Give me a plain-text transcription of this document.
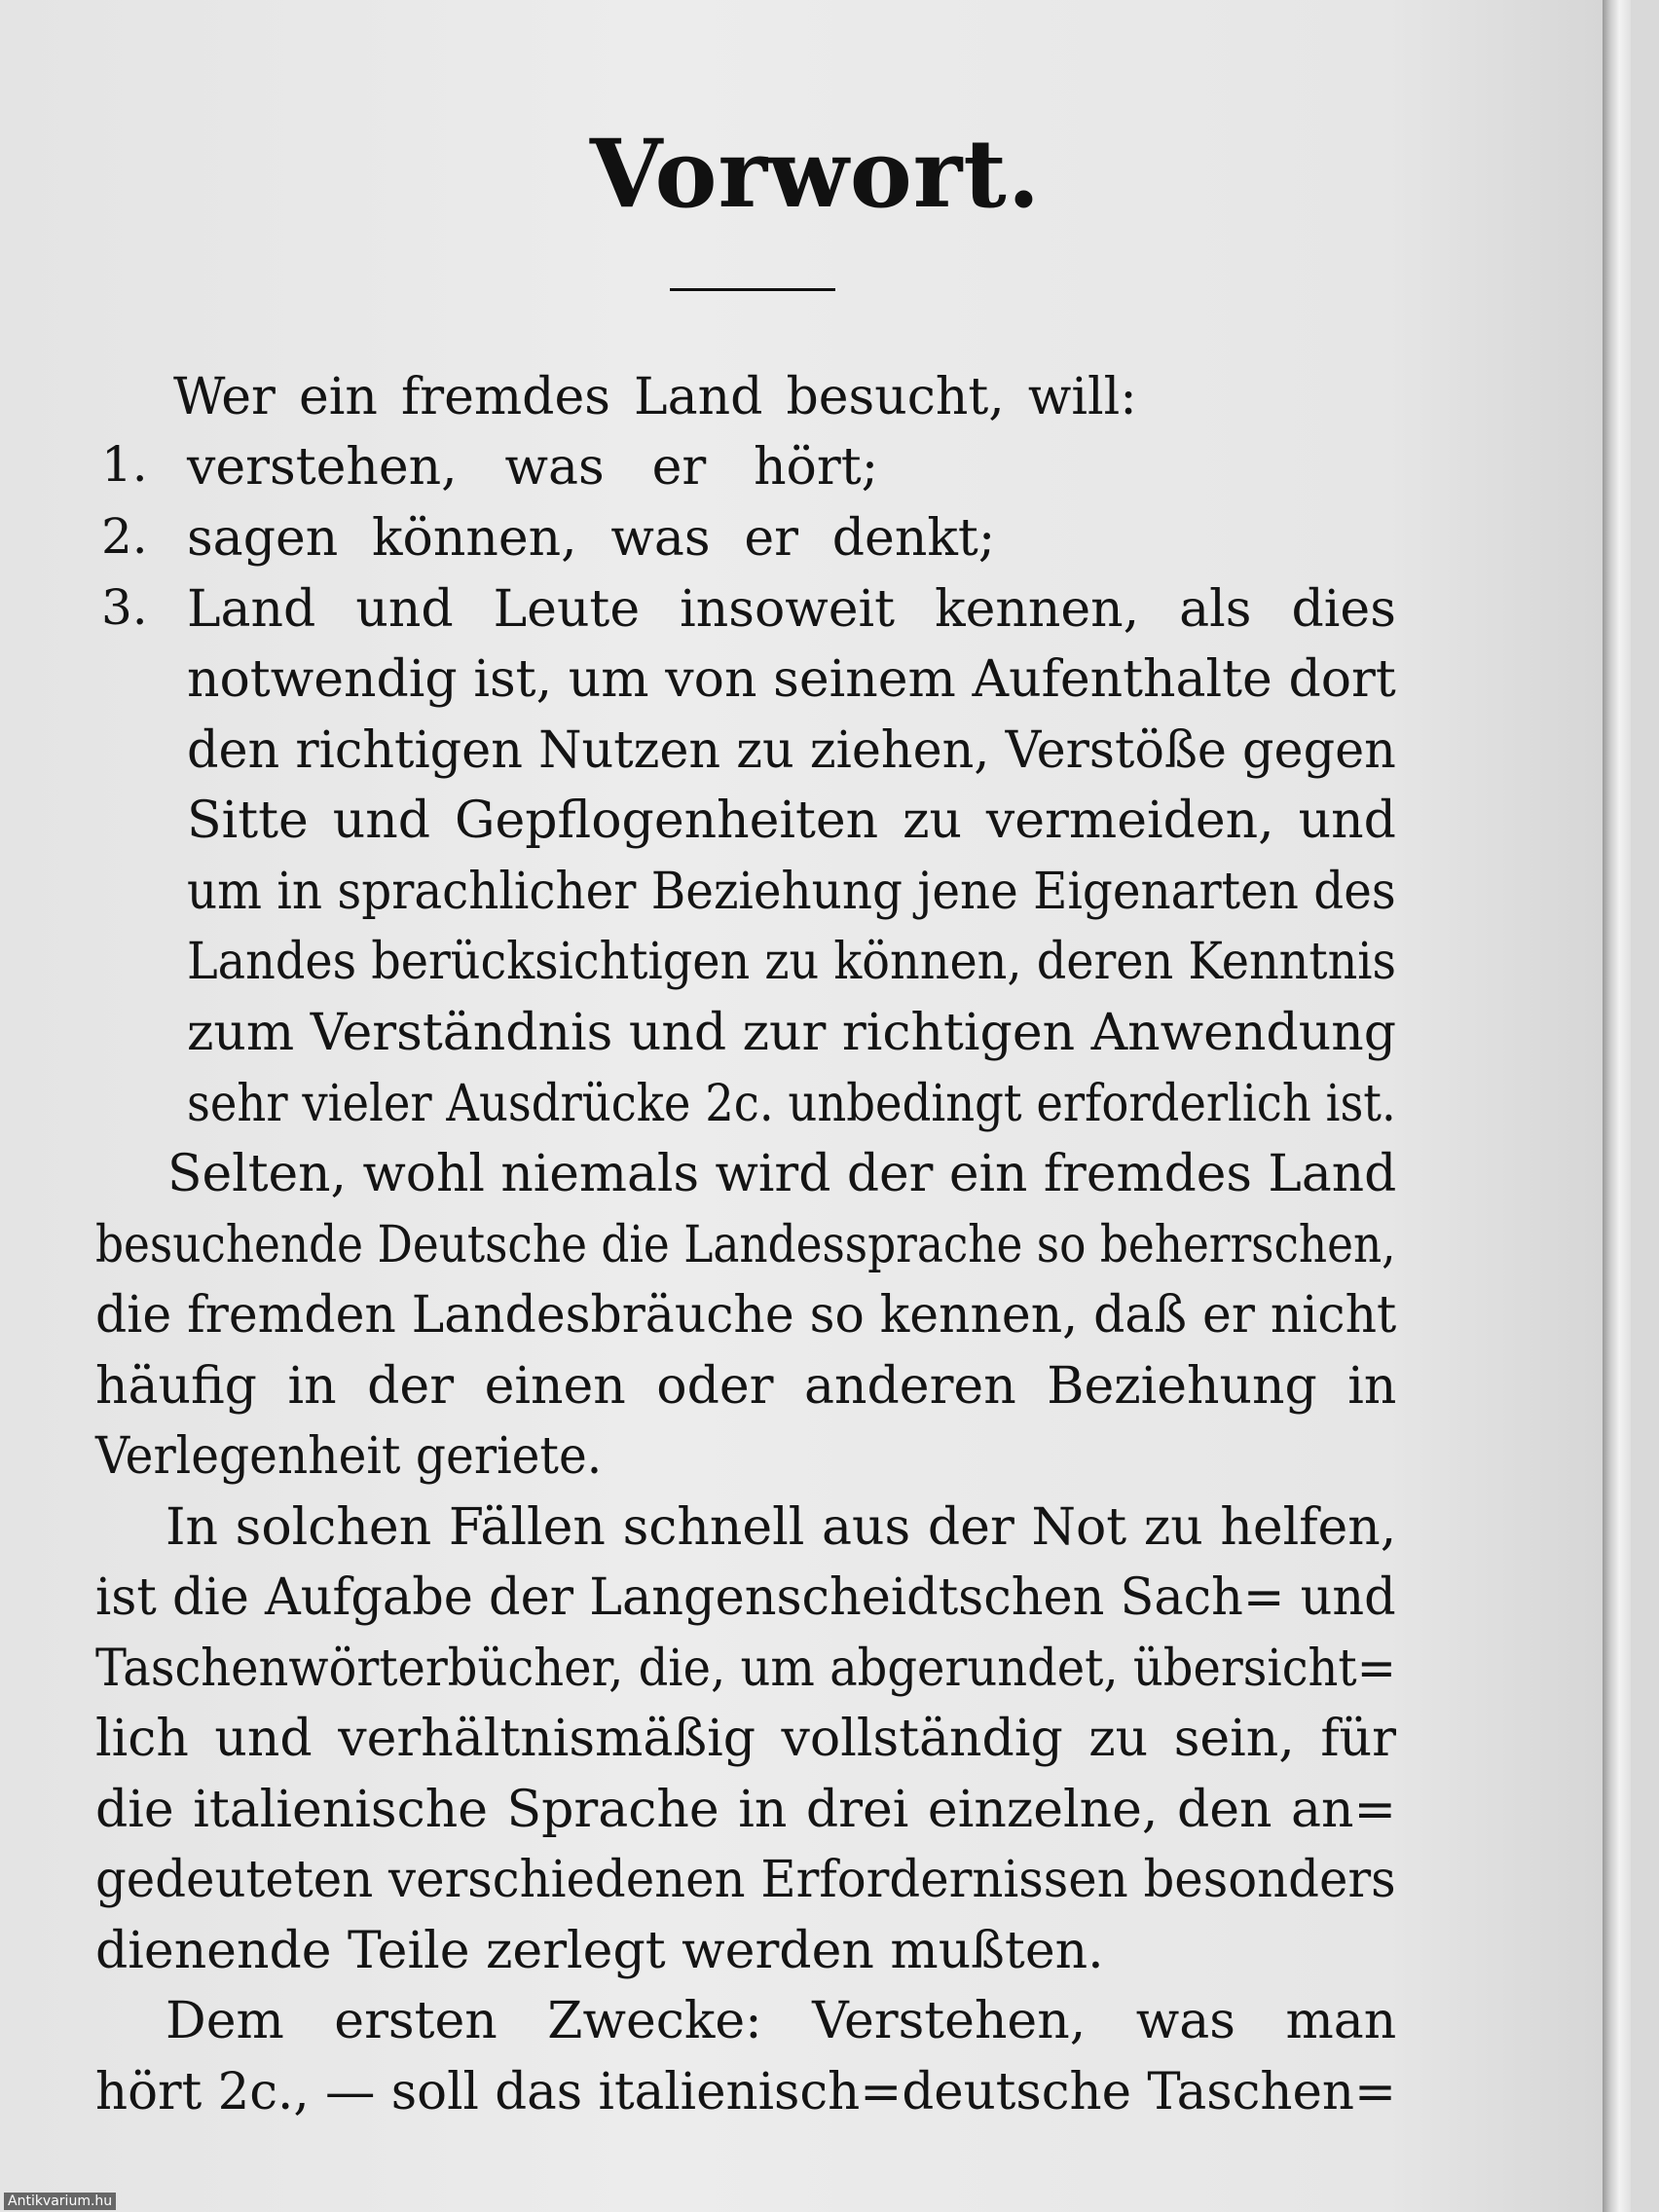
Vorwort.
1.
2.
3.
Wer ein fremdes Land besucht, will:
verstehen, was er hört;
sagen können, was er denkt;
Land und Leute insoweit kennen, als dies
notwendig ist, um von seinem Aufenthalte dort
den richtigen Nutzen zu ziehen, Verstöße gegen
Sitte und Gepflogenheiten zu vermeiden, und
um in sprachlicher Beziehung jene Eigenarten des
Landes berücksichtigen zu können, deren Kenntnis
zum Verständnis und zur richtigen Anwendung
sehr vieler Ausdrücke 2c. unbedingt erforderlich ist.
Selten, wohl niemals wird der ein fremdes Land
besuchende Deutsche die Landessprache so beherrschen,
die fremden Landesbräuche so kennen, daß er nicht
häufig in der einen oder anderen Beziehung in
Verlegenheit geriete.
In solchen Fällen schnell aus der Not zu helfen,
ist die Aufgabe der Langenscheidtschen Sach= und
Taschenwörterbücher, die, um abgerundet, übersicht=
lich und verhältnismäßig vollständig zu sein, für
die italienische Sprache in drei einzelne, den an=
gedeuteten verschiedenen Erfordernissen besonders
dienende Teile zerlegt werden mußten.
Dem ersten Zwecke: Verstehen, was man
hört 2c., — soll das italienisch=deutsche Taschen=
Antikvarium.hu
